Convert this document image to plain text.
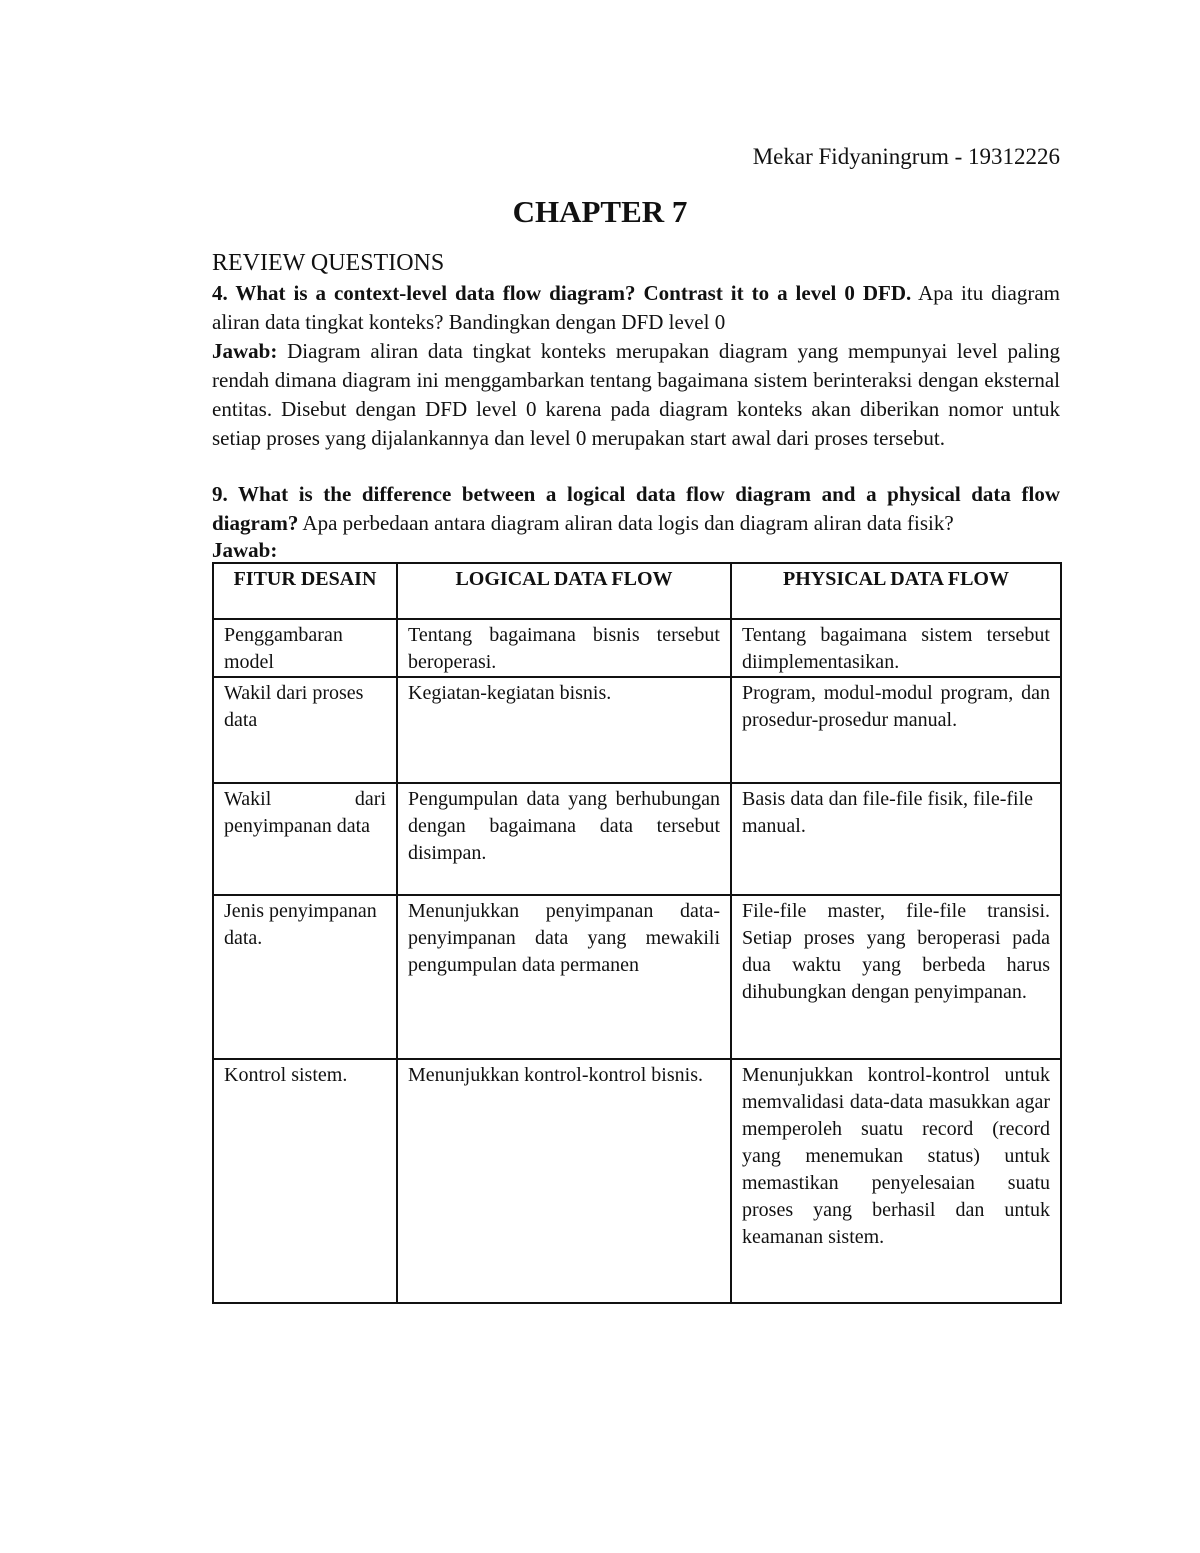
Mekar Fidyaningrum - 19312226
CHAPTER 7

REVIEW QUESTIONS

4. What is a context-level data flow diagram? Contrast it to a level 0 DFD. Apa itu diagram aliran data tingkat konteks? Bandingkan dengan DFD level 0

Jawab: Diagram aliran data tingkat konteks merupakan diagram yang mempunyai level paling rendah dimana diagram ini menggambarkan tentang bagaimana sistem berinteraksi dengan eksternal entitas. Disebut dengan DFD level 0 karena pada diagram konteks akan diberikan nomor untuk setiap proses yang dijalankannya dan level 0 merupakan start awal dari proses tersebut.

9. What is the difference between a logical data flow diagram and a physical data flow diagram? Apa perbedaan antara diagram aliran data logis dan diagram aliran data fisik?

Jawab:

FITUR DESAIN	LOGICAL DATA FLOW	PHYSICAL DATA FLOW
Penggambaran model	Tentang bagaimana bisnis tersebut beroperasi.	Tentang bagaimana sistem tersebut diimplementasikan.
Wakil dari proses data	Kegiatan-kegiatan bisnis.	Program, modul-modul program, dan prosedur-prosedur manual.
Wakil dari penyimpanan data	Pengumpulan data yang berhubungan dengan bagaimana data tersebut disimpan.	Basis data dan file-file fisik, file-file manual.
Jenis penyimpanan data.	Menunjukkan penyimpanan data-penyimpanan data yang mewakili pengumpulan data permanen	File-file master, file-file transisi. Setiap proses yang beroperasi pada dua waktu yang berbeda harus dihubungkan dengan penyimpanan.
Kontrol sistem.	Menunjukkan kontrol-kontrol bisnis.	Menunjukkan kontrol-kontrol untuk memvalidasi data-data masukkan agar memperoleh suatu record (record yang menemukan status) untuk memastikan penyelesaian suatu proses yang berhasil dan untuk keamanan sistem.
